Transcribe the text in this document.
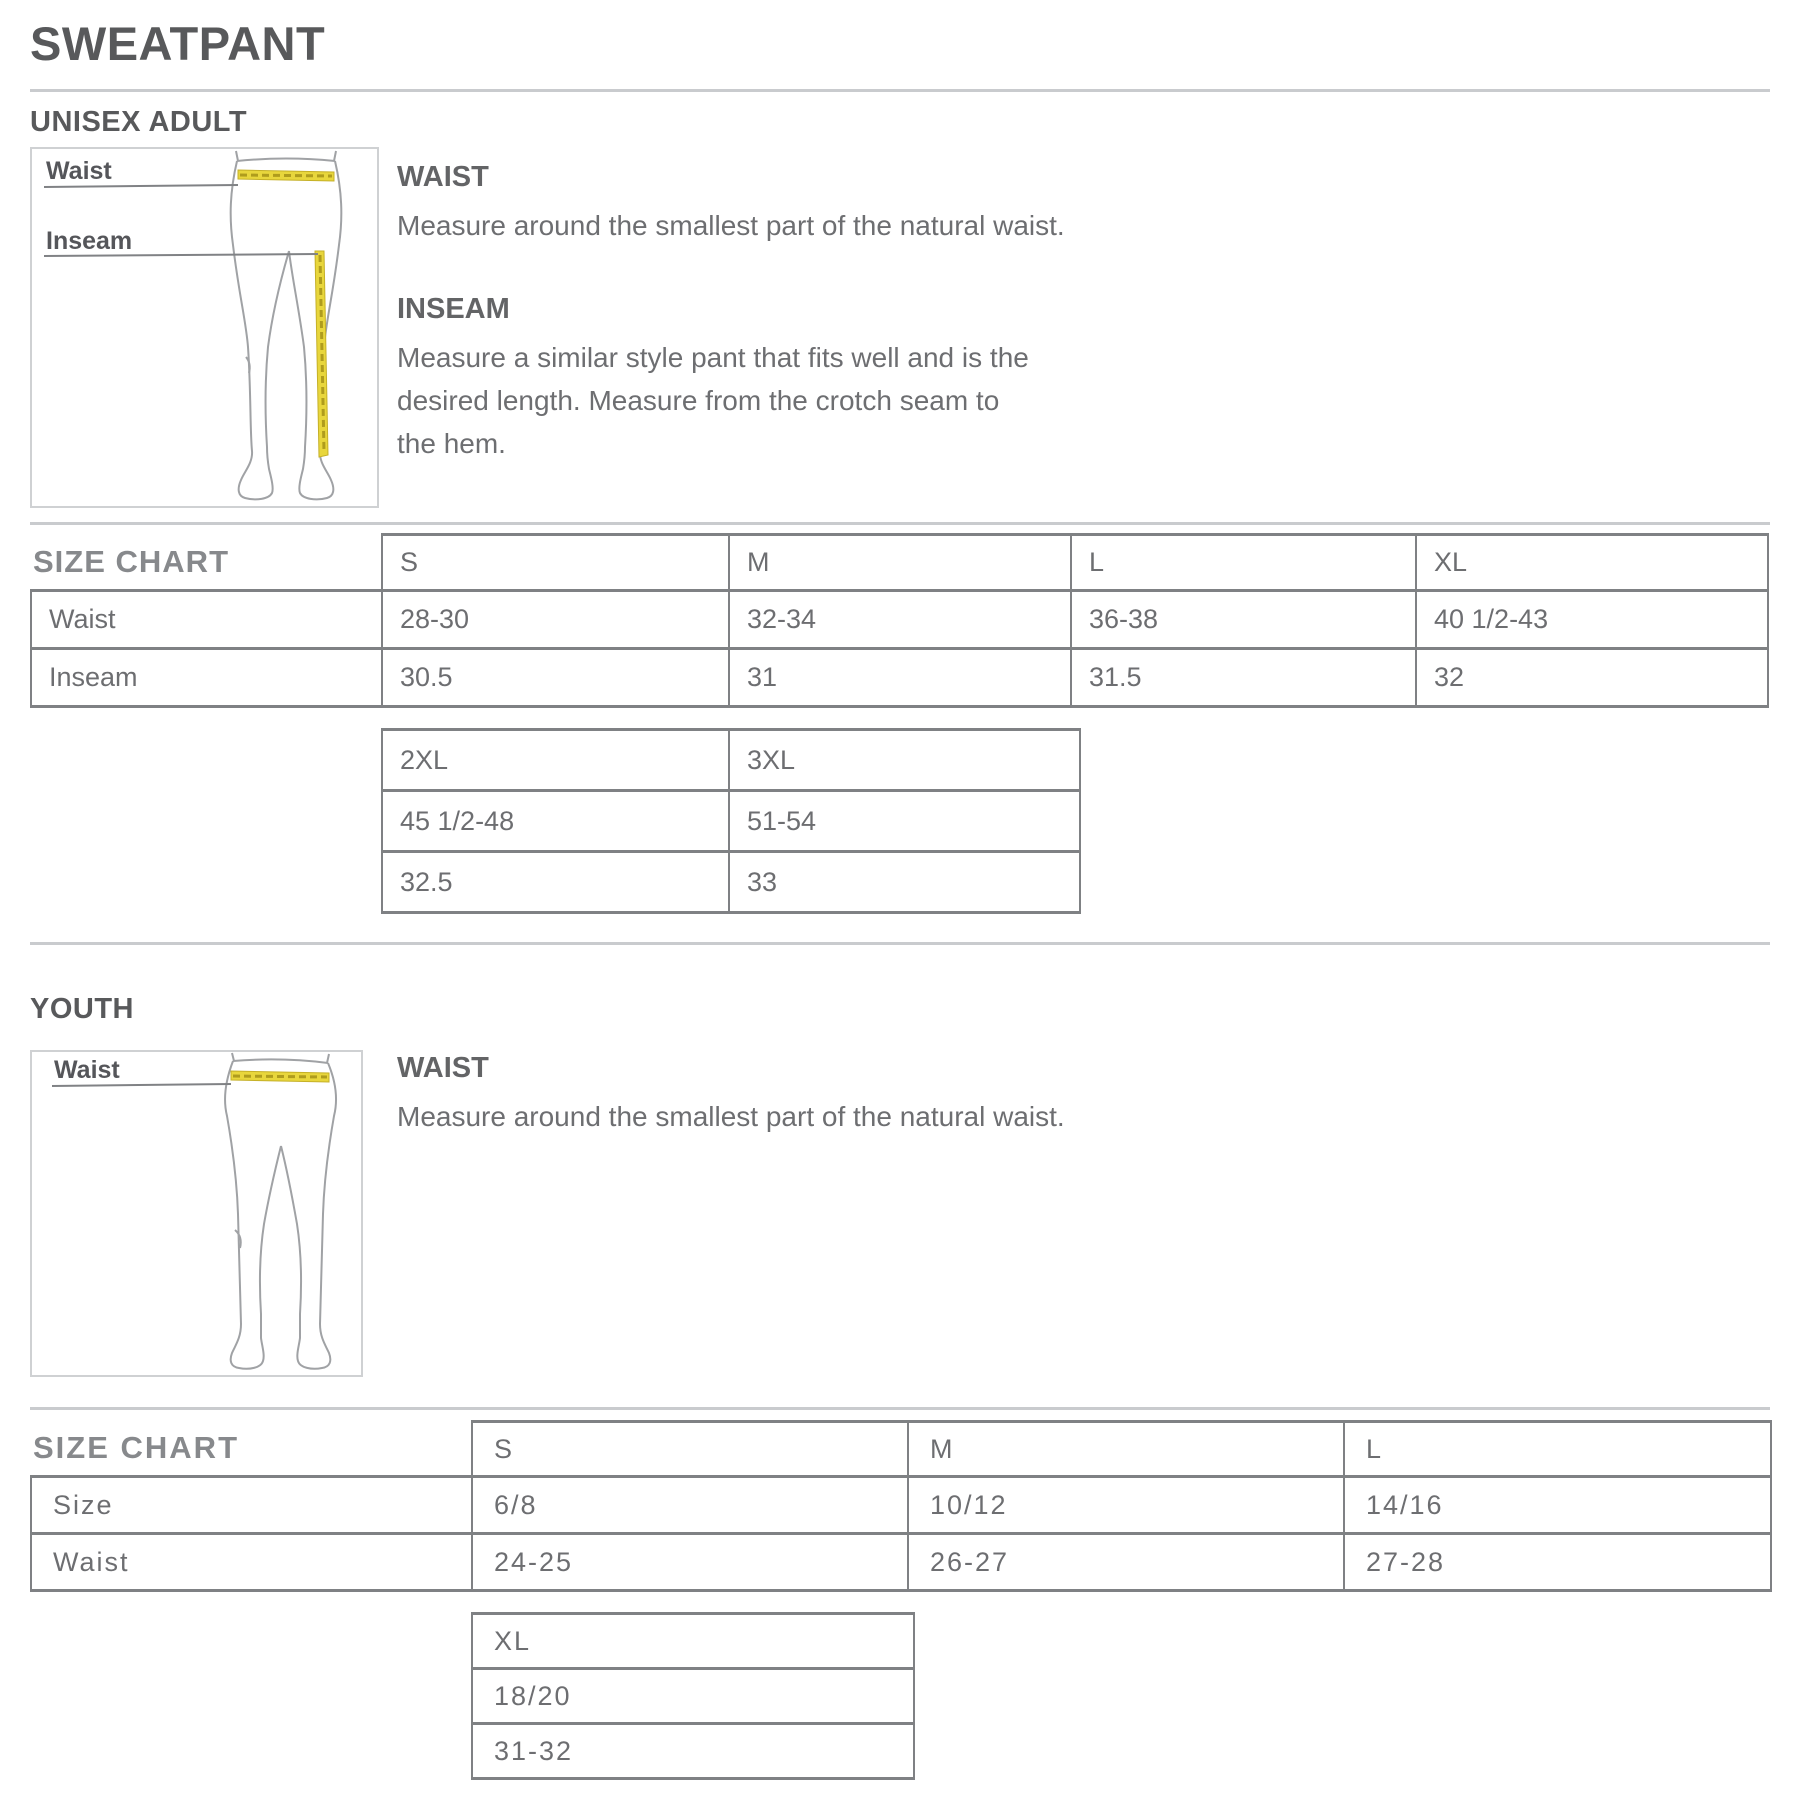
SWEATPANT
UNISEX ADULT
Waist
Inseam
WAIST
Measure around the smallest part of the natural waist.
INSEAM
Measure a similar style pant that fits well and is the
desired length. Measure from the crotch seam to
the hem.
SIZE CHART	S	M	L	XL
Waist	28-30	32-34	36-38	40 1/2-43
Inseam	30.5	31	31.5	32
2XL	3XL
45 1/2-48	51-54
32.5	33
YOUTH
Waist	WAIST
Measure around the smallest part of the natural waist.
SIZE CHART	S	M	L
Size	6/8	10/12	14/16
Waist	24-25	26-27	27-28
XL
18/20
31-32
